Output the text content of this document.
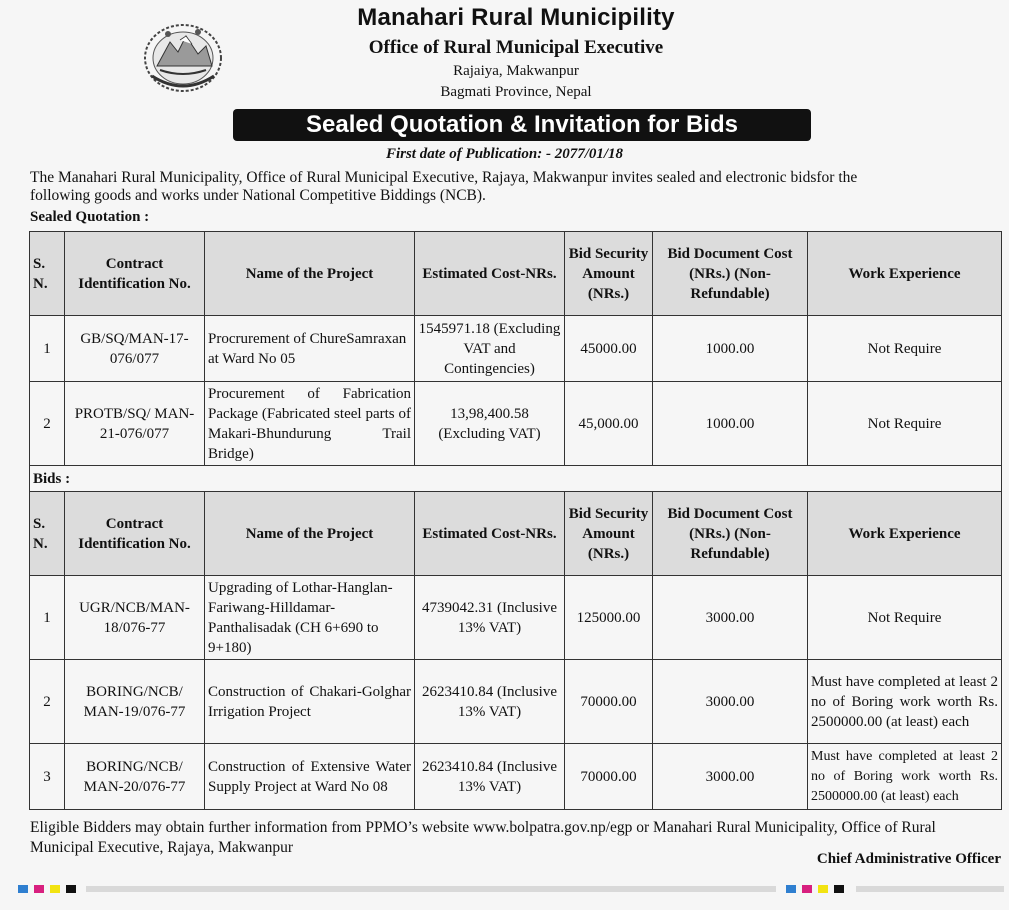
Manahari Rural Municipility
Office of Rural Municipal Executive
Rajaiya, Makwanpur
Bagmati Province, Nepal
Sealed Quotation & Invitation for Bids
First date of Publication: - 2077/01/18
The Manahari Rural Municipality, Office of Rural Municipal Executive, Rajaya, Makwanpur invites sealed and electronic bidsfor the
following goods and works under National Competitive Biddings (NCB).
Sealed Quotation :
S. N.	Contract Identification No.	Name of the Project	Estimated Cost-NRs.	Bid Security Amount (NRs.)	Bid Document Cost (NRs.) (Non-Refundable)	Work Experience
1	GB/SQ/MAN-17-076/077	Procrurement of ChureSamraxan at Ward No 05	1545971.18 (Excluding VAT and Contingencies)	45000.00	1000.00	Not Require
2	PROTB/SQ/ MAN-21-076/077	Procurement of Fabrication Package (Fabricated steel parts of Makari-Bhundurung Trail Bridge)	13,98,400.58 (Excluding VAT)	45,000.00	1000.00	Not Require
Bids :						
S. N.	Contract Identification No.	Name of the Project	Estimated Cost-NRs.	Bid Security Amount (NRs.)	Bid Document Cost (NRs.) (Non-Refundable)	Work Experience
1	UGR/NCB/MAN-18/076-77	Upgrading of Lothar-Hanglan- Fariwang-Hilldamar- Panthalisadak (CH 6+690 to 9+180)	4739042.31 (Inclusive 13% VAT)	125000.00	3000.00	Not Require
2	BORING/NCB/ MAN-19/076-77	Construction of Chakari-Golghar Irrigation Project	2623410.84 (Inclusive 13% VAT)	70000.00	3000.00	Must have completed at least 2 no of Boring work worth Rs. 2500000.00 (at least) each
3	BORING/NCB/ MAN-20/076-77	Construction of Extensive Water Supply Project at Ward No 08	2623410.84 (Inclusive 13% VAT)	70000.00	3000.00	Must have completed at least 2 no of Boring work worth Rs. 2500000.00 (at least) each
Eligible Bidders may obtain further information from PPMO’s website www.bolpatra.gov.np/egp or Manahari Rural Municipality, Office of Rural Municipal Executive, Rajaya, Makwanpur
Chief Administrative Officer
